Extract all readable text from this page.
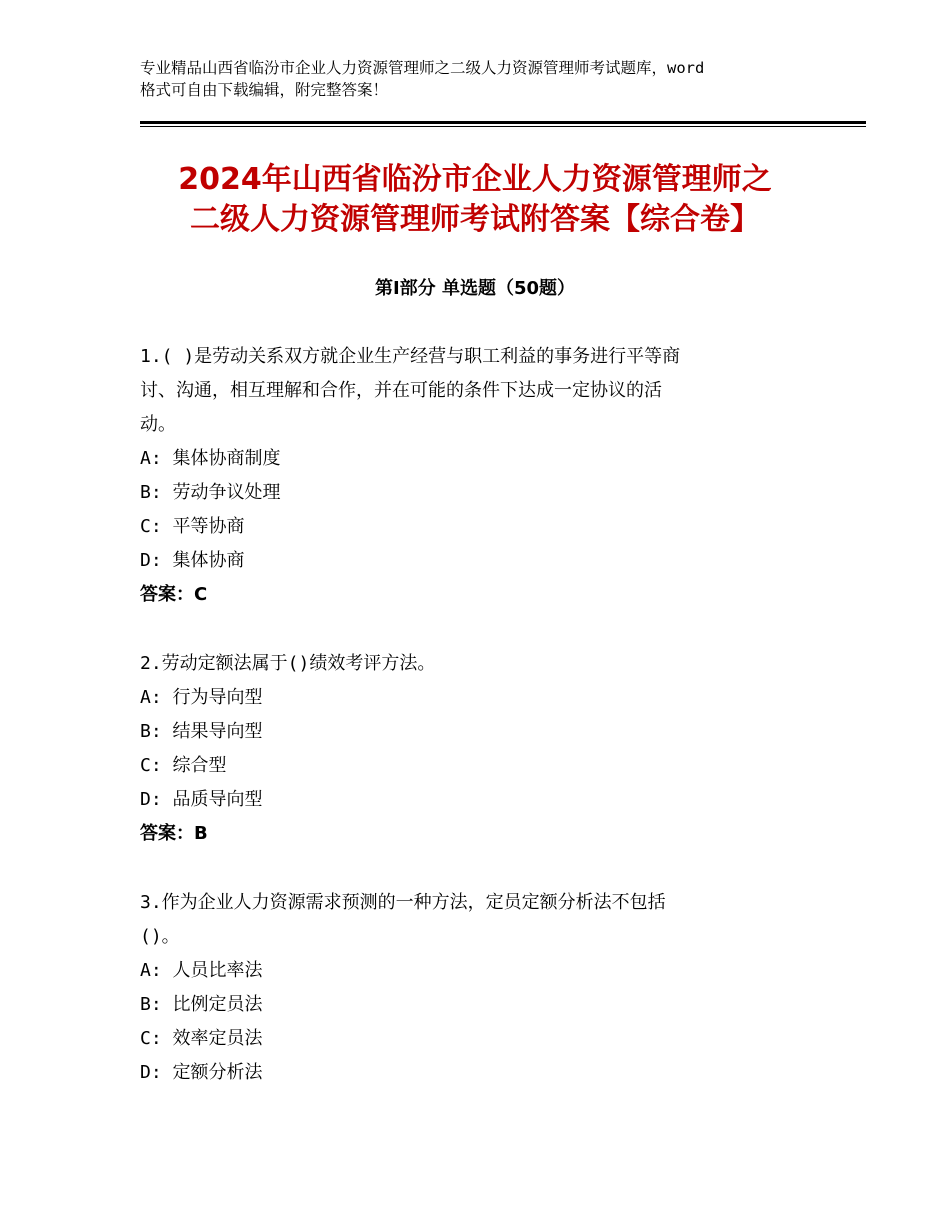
专业精品山西省临汾市企业人力资源管理师之二级人力资源管理师考试题库，word
格式可自由下载编辑，附完整答案！
2024年山西省临汾市企业人力资源管理师之
二级人力资源管理师考试附答案【综合卷】
第Ⅰ部分 单选题（50题）
1.( )是劳动关系双方就企业生产经营与职工利益的事务进行平等商
讨、沟通，相互理解和合作，并在可能的条件下达成一定协议的活
动。
A: 集体协商制度
B: 劳动争议处理
C: 平等协商
D: 集体协商
答案：C
2.劳动定额法属于()绩效考评方法。
A: 行为导向型
B: 结果导向型
C: 综合型
D: 品质导向型
答案：B
3.作为企业人力资源需求预测的一种方法，定员定额分析法不包括
()。
A: 人员比率法
B: 比例定员法
C: 效率定员法
D: 定额分析法
